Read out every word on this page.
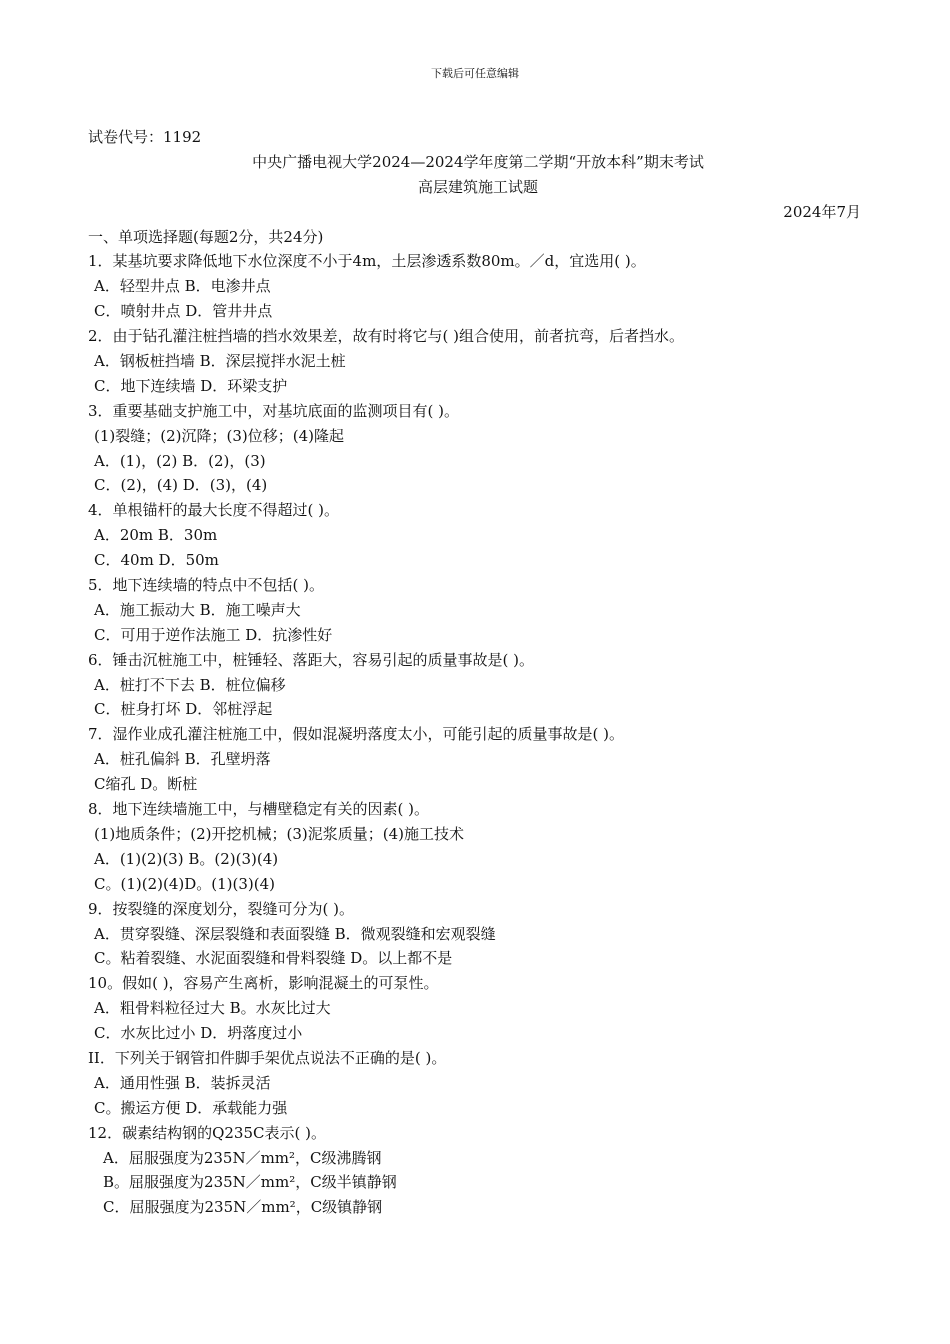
下载后可任意编辑
试卷代号：1192
中央广播电视大学2024—2024学年度第二学期“开放本科”期末考试
高层建筑施工试题
2024年7月
一、单项选择题(每题2分，共24分)
1．某基坑要求降低地下水位深度不小于4m，土层渗透系数80m。／d，宜选用( )。
A．轻型井点 B．电渗井点
C．喷射井点 D．管井井点
2．由于钻孔灌注桩挡墙的挡水效果差，故有时将它与( )组合使用，前者抗弯，后者挡水。
A．钢板桩挡墙 B．深层搅拌水泥土桩
C．地下连续墙 D．环梁支护
3．重要基础支护施工中，对基坑底面的监测项目有( )。
(1)裂缝；(2)沉降；(3)位移；(4)隆起
A．(1)，(2) B．(2)，(3)
C．(2)，(4) D．(3)，(4)
4．单根锚杆的最大长度不得超过( )。
A．20m B．30m
C．40m D．50m
5．地下连续墙的特点中不包括( )。
A．施工振动大 B．施工噪声大
C．可用于逆作法施工 D．抗渗性好
6．锤击沉桩施工中，桩锤轻、落距大，容易引起的质量事故是( )。
A．桩打不下去 B．桩位偏移
C．桩身打坏 D．邻桩浮起
7．湿作业成孔灌注桩施工中，假如混凝坍落度太小，可能引起的质量事故是( )。
A．桩孔偏斜 B．孔壁坍落
C缩孔 D。断桩
8．地下连续墙施工中，与槽壁稳定有关的因素( )。
(1)地质条件；(2)开挖机械；(3)泥浆质量；(4)施工技术
A．(1)(2)(3) B。(2)(3)(4)
C。(1)(2)(4)D。(1)(3)(4)
9．按裂缝的深度划分，裂缝可分为( )。
A．贯穿裂缝、深层裂缝和表面裂缝 B．微观裂缝和宏观裂缝
C。粘着裂缝、水泥面裂缝和骨料裂缝 D。以上都不是
10。假如( )，容易产生离析，影响混凝土的可泵性。
A．粗骨料粒径过大 B。水灰比过大
C．水灰比过小 D．坍落度过小
II．下列关于钢管扣件脚手架优点说法不正确的是( )。
A．通用性强 B．装拆灵活
C。搬运方便 D．承载能力强
12．碳素结构钢的Q235C表示( )。
A．屈服强度为235N／mm²，C级沸腾钢
B。屈服强度为235N／mm²，C级半镇静钢
C．屈服强度为235N／mm²，C级镇静钢
